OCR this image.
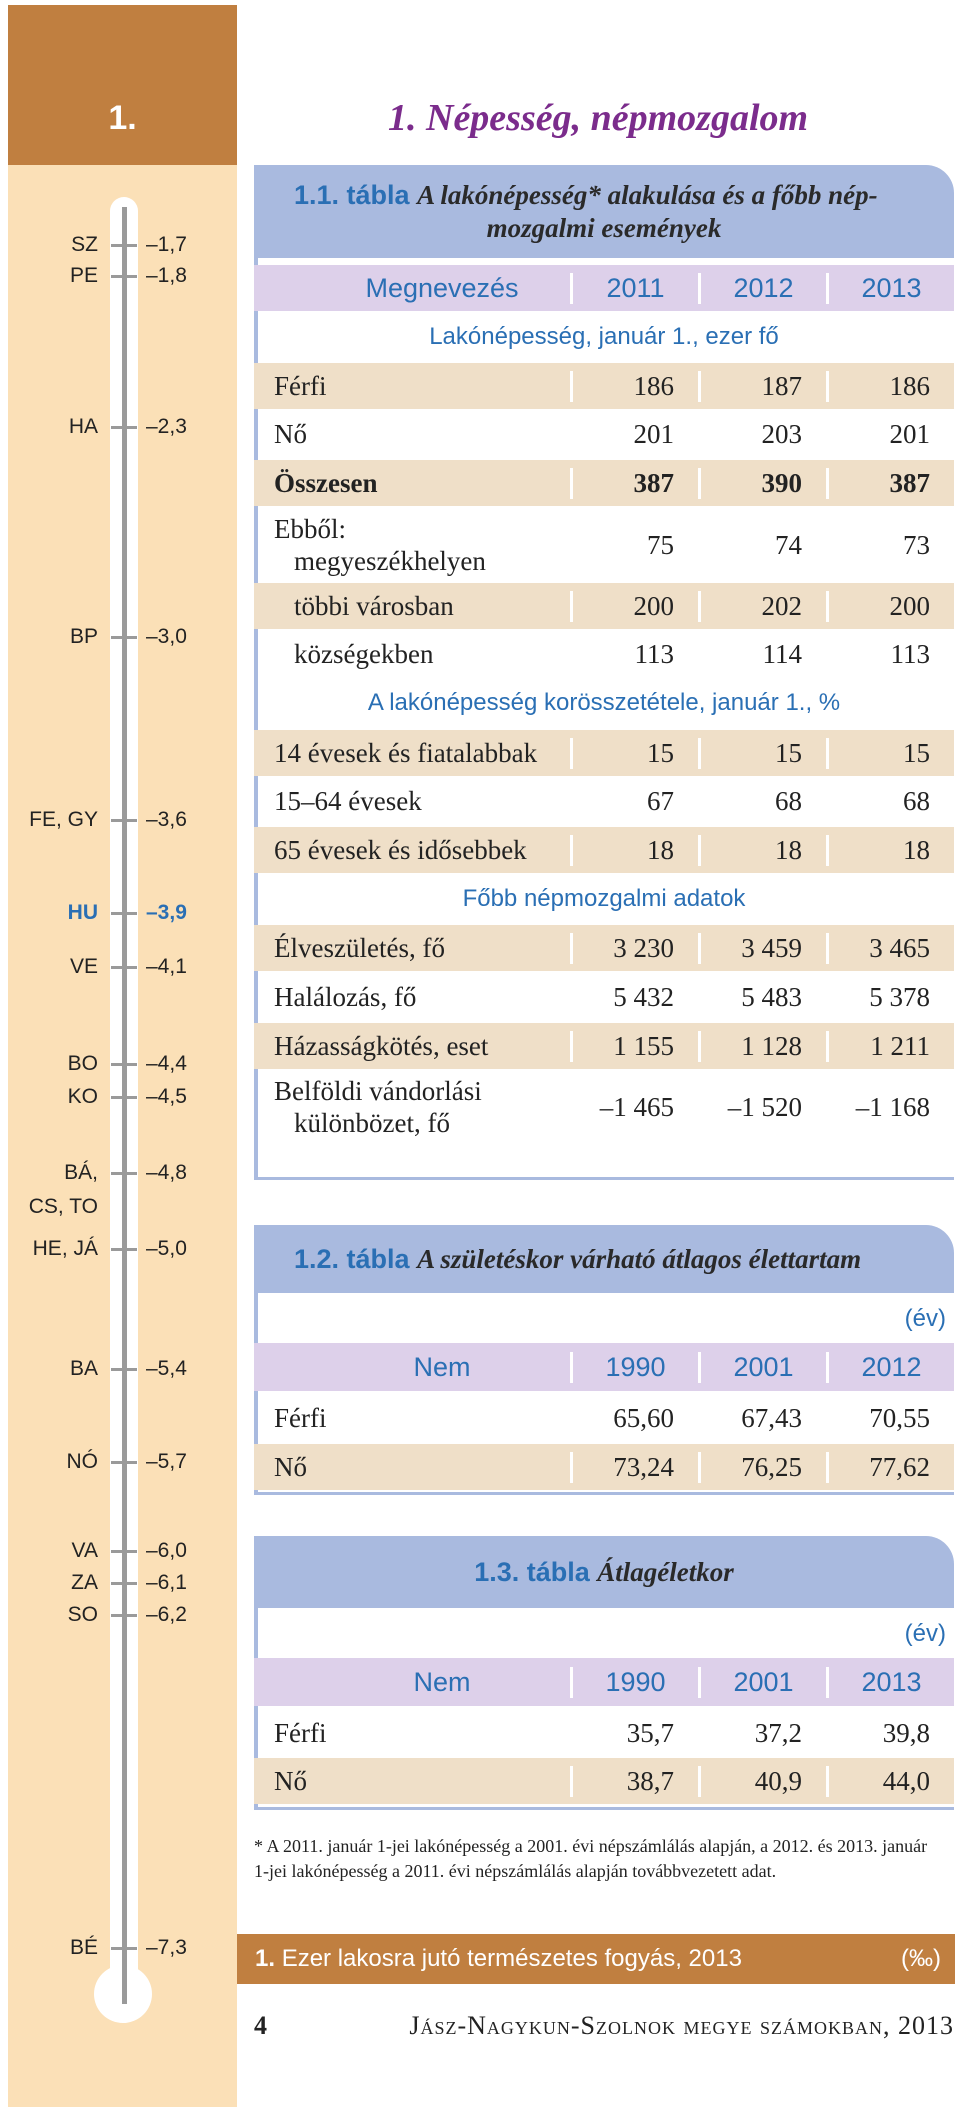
1.
SZ –1,7
PE –1,8
HA –2,3
BP –3,0
FE, GY –3,6
HU –3,9
VE –4,1
BO –4,4
KO –4,5
BÁ, –4,8
CS, TO
HE, JÁ –5,0
BA –5,4
NÓ –5,7
VA –6,0
ZA –6,1
SO –6,2
BÉ –7,3
1. Népesség, népmozgalom
1.1. tábla A lakónépesség* alakulása és a főbb nép-
mozgalmi események
Megnevezés	2011	2012	2013
Lakónépesség, január 1., ezer fő
Férfi	186	187	186
Nő	201	203	201
Összesen	387	390	387
Ebből:
megyeszékhelyen
75	74	73
többi városban	200	202	200
községekben	113	114	113
A lakónépesség korösszetétele, január 1., %
14 évesek és fiatalabbak	15	15	15
15–64 évesek	67	68	68
65 évesek és idősebbek	18	18	18
Főbb népmozgalmi adatok
Élveszületés, fő	3 230	3 459	3 465
Halálozás, fő	5 432	5 483	5 378
Házasságkötés, eset	1 155	1 128	1 211
Belföldi vándorlási
különbözet, fő
–1 465	–1 520	–1 168
1.2. tábla A születéskor várható átlagos élettartam
(év)
Nem	1990	2001	2012
Férfi	65,60	67,43	70,55
Nő	73,24	76,25	77,62
1.3. tábla Átlagéletkor
(év)
Nem	1990	2001	2013
Férfi	35,7	37,2	39,8
Nő	38,7	40,9	44,0
* A 2011. január 1-jei lakónépesség a 2001. évi népszámlálás alapján, a 2012. és 2013. január 1-jei lakónépesség a 2011. évi népszámlálás alapján továbbvezetett adat.
1. Ezer lakosra jutó természetes fogyás, 2013	(‰)
4	Jász-Nagykun-Szolnok megye számokban, 2013
